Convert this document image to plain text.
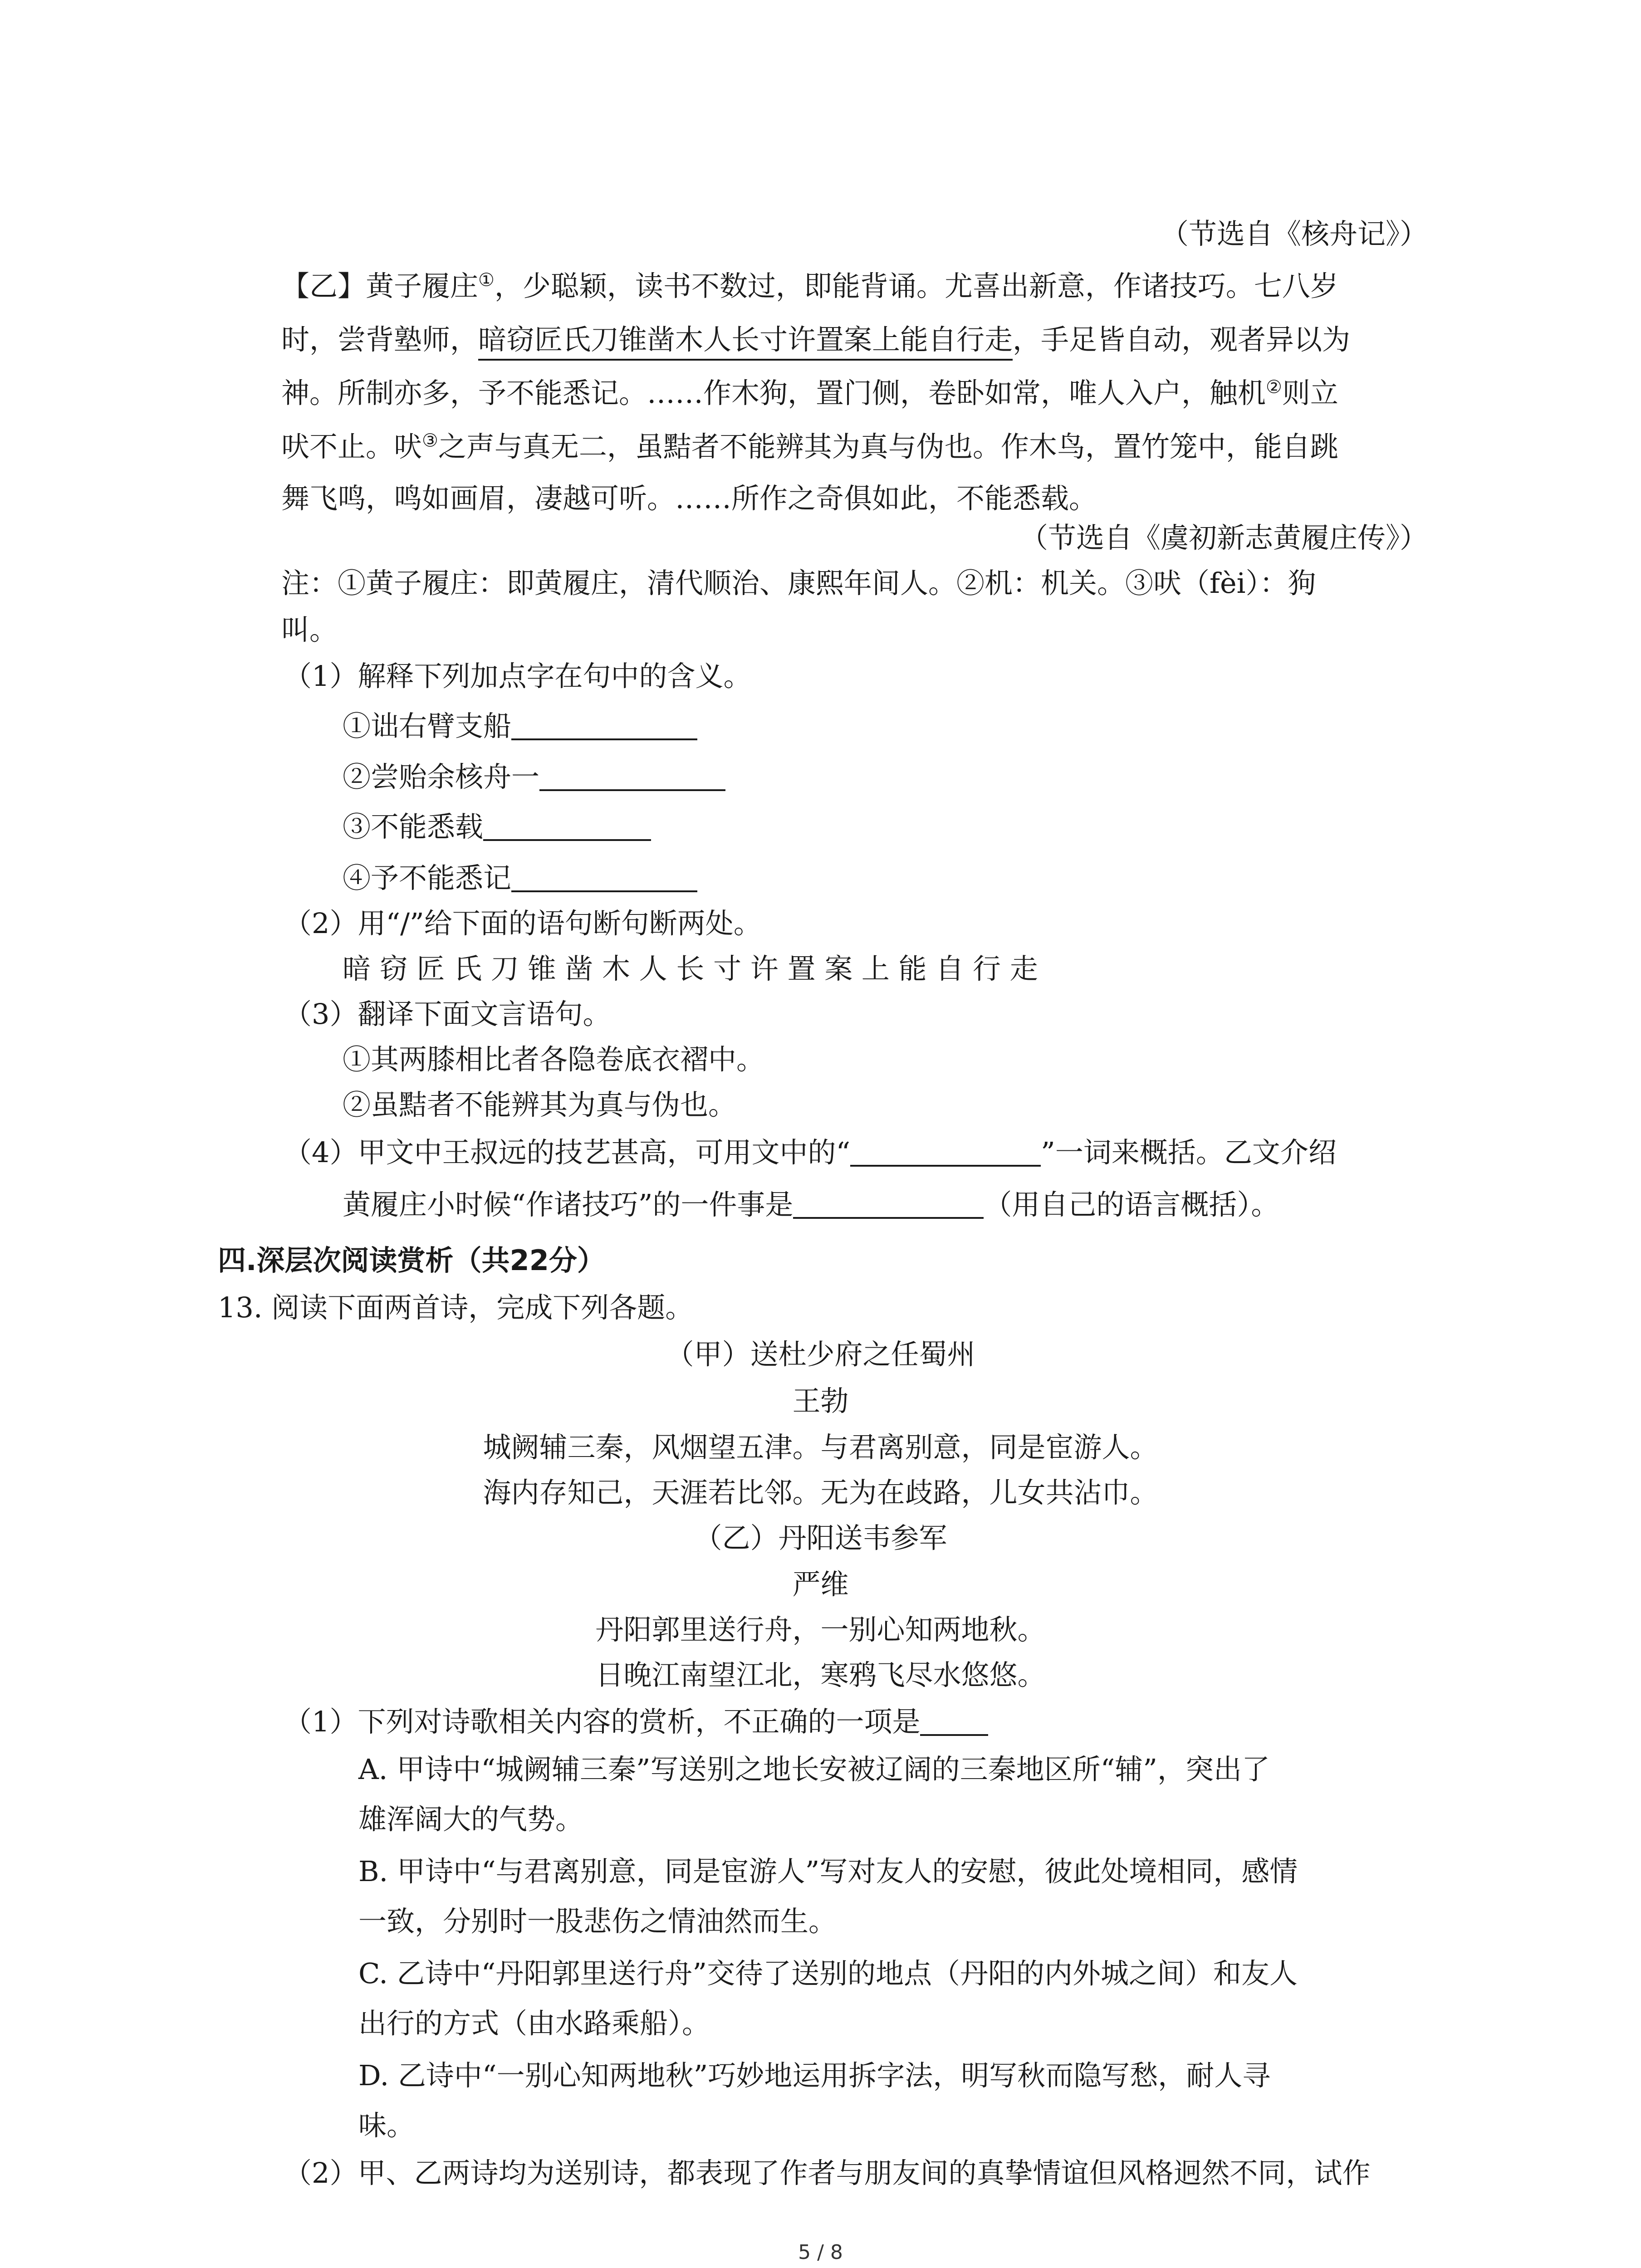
（节选自《核舟记》）
【乙】黄子履庄①，少聪颖，读书不数过，即能背诵。尤喜出新意，作诸技巧。七八岁
时，尝背塾师，暗窃匠氏刀锥凿木人长寸许置案上能自行走，手足皆自动，观者异以为
神。所制亦多，予不能悉记。……作木狗，置门侧，卷卧如常，唯人入户，触机②则立
吠不止。吠③之声与真无二，虽黠者不能辨其为真与伪也。作木鸟，置竹笼中，能自跳
舞飞鸣，鸣如画眉，凄越可听。……所作之奇俱如此，不能悉载。
（节选自《虞初新志黄履庄传》）
注：①黄子履庄：即黄履庄，清代顺治、康熙年间人。②机：机关。③吠（fèi）：狗
叫。
（1）解释下列加点字在句中的含义。
①诎右臂支船
②尝贻余核舟一
③不能悉载
④予不能悉记
（2）用“/”给下面的语句断句断两处。
暗 窃 匠 氏 刀 锥 凿 木 人 长 寸 许 置 案 上 能 自 行 走
（3）翻译下面文言语句。
①其两膝相比者各隐卷底衣褶中。
②虽黠者不能辨其为真与伪也。
（4）甲文中王叔远的技艺甚高，可用文中的“	”一词来概括。乙文介绍
黄履庄小时候“作诸技巧”的一件事是	（用自己的语言概括）。
四.深层次阅读赏析（共22分）
13. 阅读下面两首诗，完成下列各题。
（甲）送杜少府之任蜀州
王勃
城阙辅三秦，风烟望五津。与君离别意，同是宦游人。
海内存知己，天涯若比邻。无为在歧路，儿女共沾巾。
（乙）丹阳送韦参军
严维
丹阳郭里送行舟，一别心知两地秋。
日晚江南望江北，寒鸦飞尽水悠悠。
（1）下列对诗歌相关内容的赏析，不正确的一项是
A. 甲诗中“城阙辅三秦”写送别之地长安被辽阔的三秦地区所“辅”，突出了
雄浑阔大的气势。
B. 甲诗中“与君离别意，同是宦游人”写对友人的安慰，彼此处境相同，感情
一致，分别时一股悲伤之情油然而生。
C. 乙诗中“丹阳郭里送行舟”交待了送别的地点（丹阳的内外城之间）和友人
出行的方式（由水路乘船）。
D. 乙诗中“一别心知两地秋”巧妙地运用拆字法，明写秋而隐写愁，耐人寻
味。
（2）甲、乙两诗均为送别诗，都表现了作者与朋友间的真挚情谊但风格迥然不同，试作
5 / 8
